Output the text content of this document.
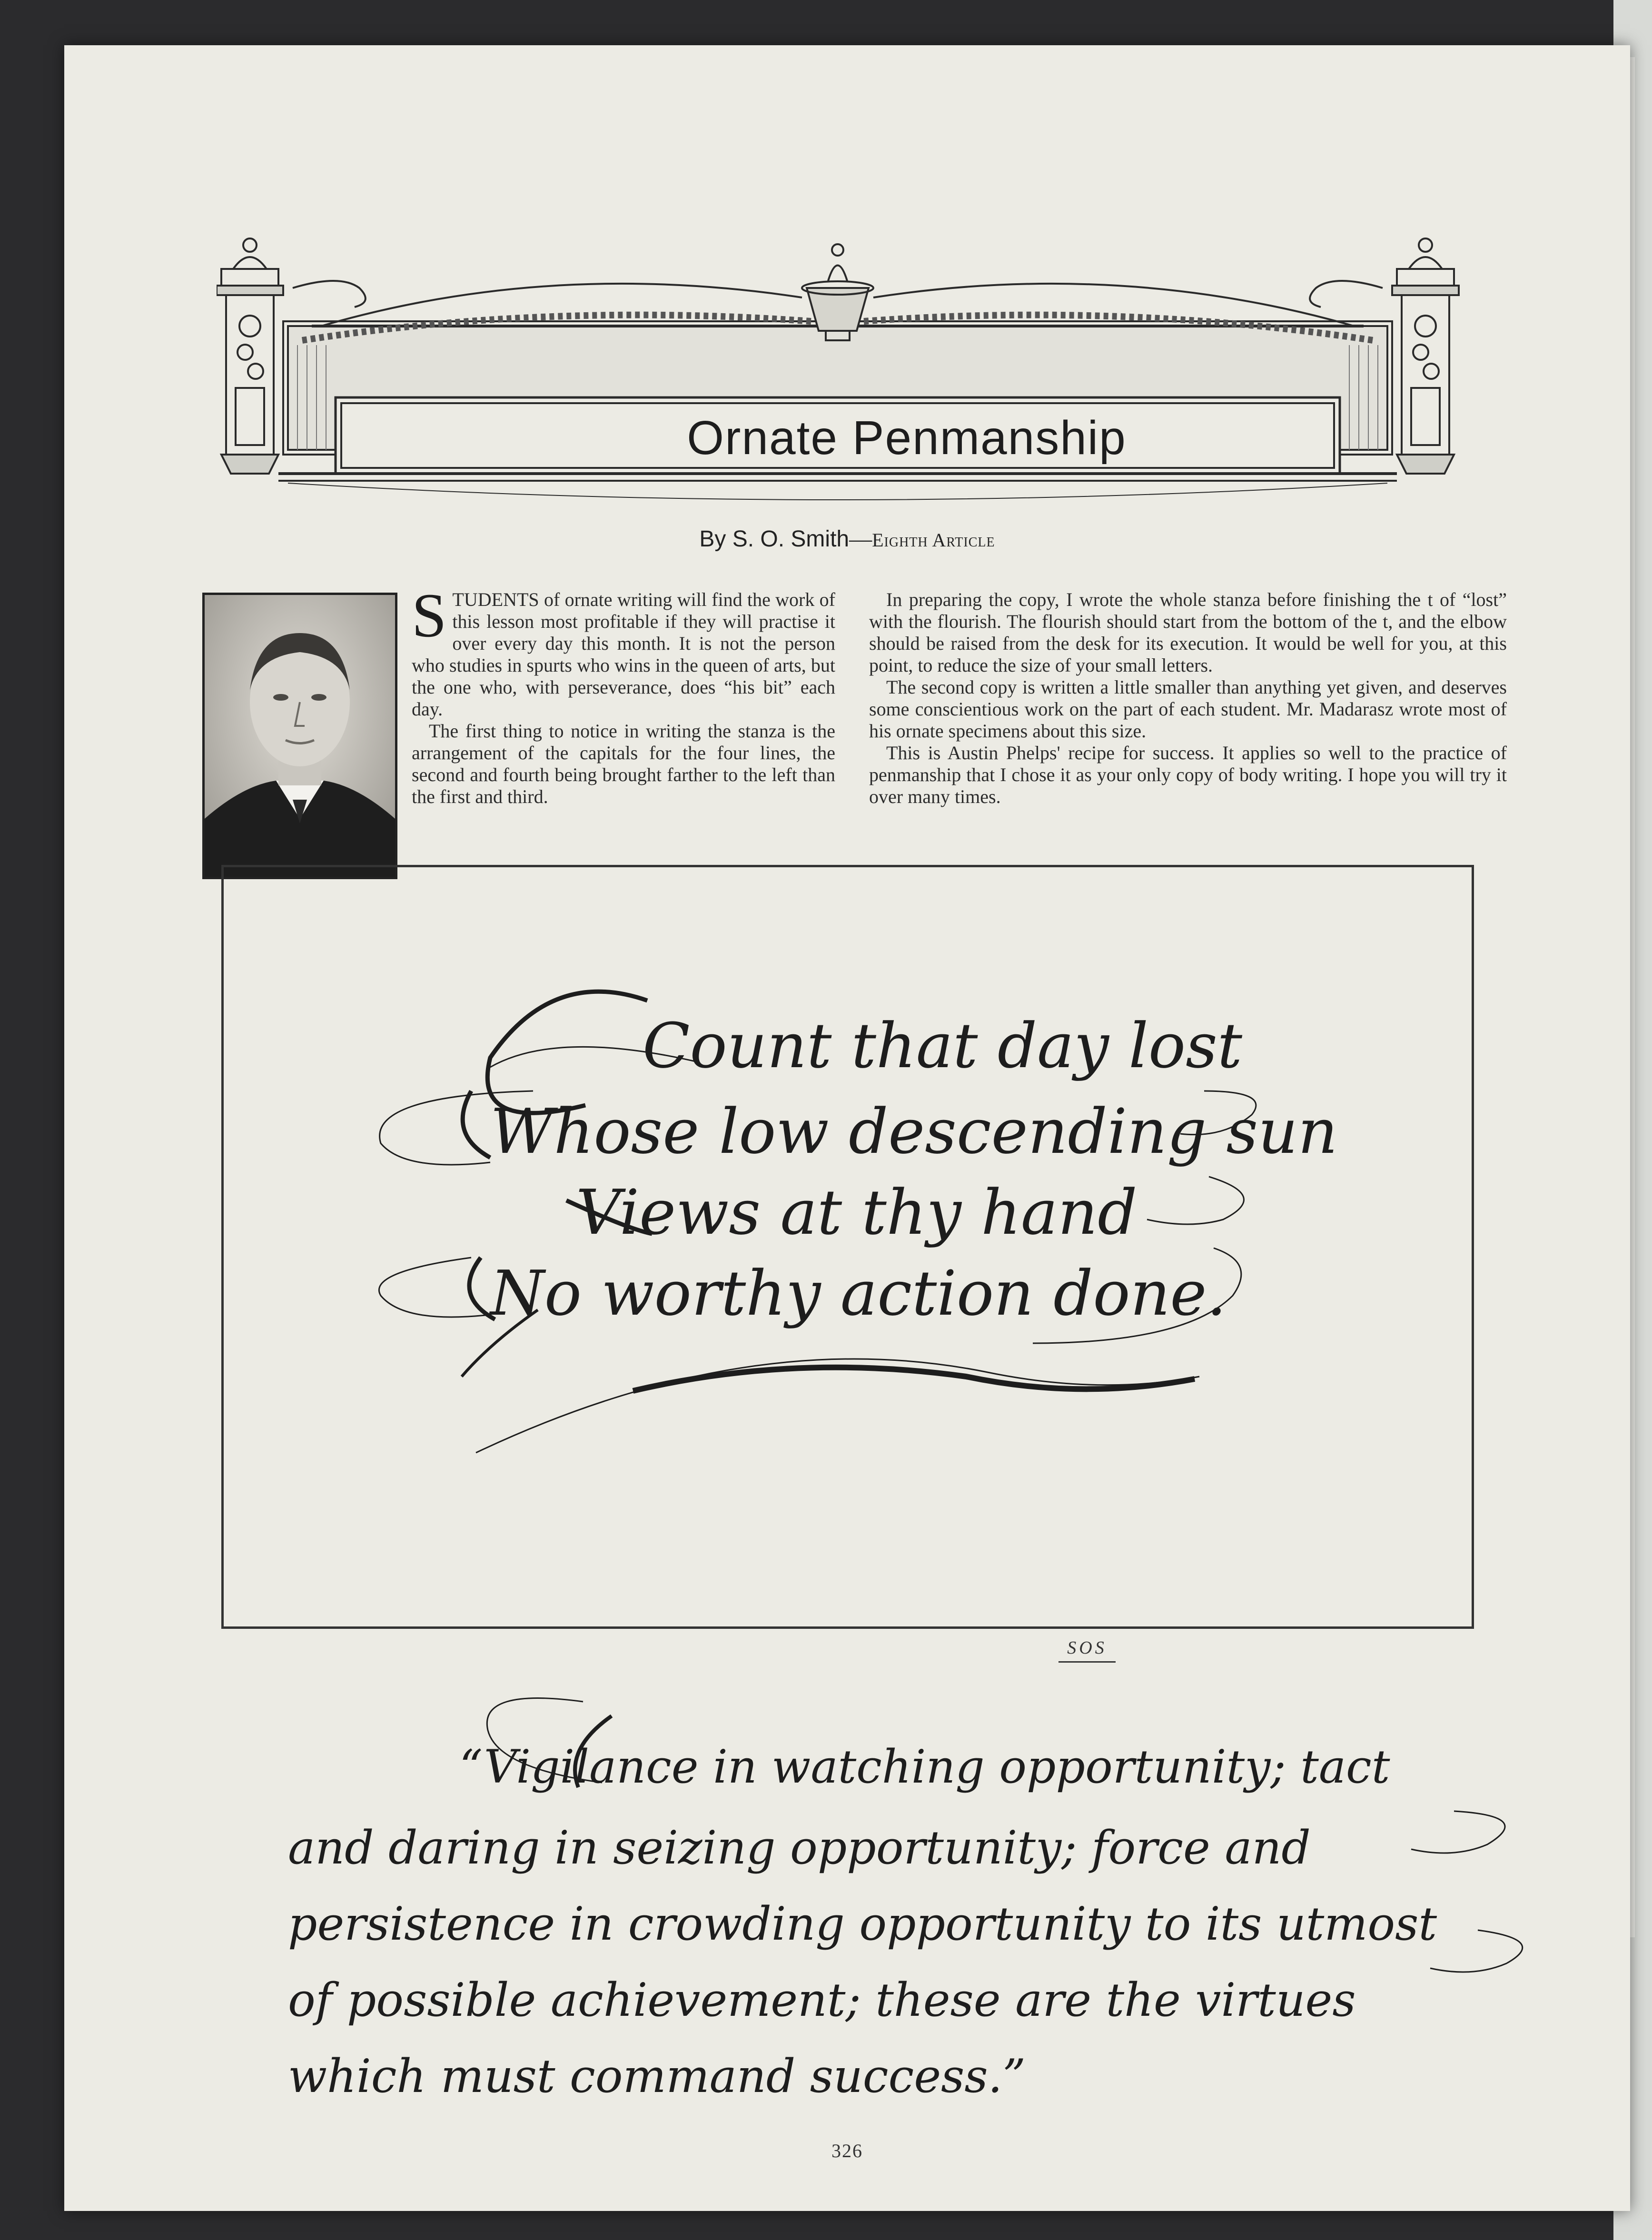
Ornate Penmanship
By S. O. Smith—Eighth Article

STUDENTS of ornate writing will find the work of this lesson most profitable if they will practise it over every day this month. It is not the person who studies in spurts who wins in the queen of arts, but the one who, with perseverance, does “his bit” each day.

The first thing to notice in writing the stanza is the arrangement of the capitals for the four lines, the second and fourth being brought farther to the left than the first and third.

In preparing the copy, I wrote the whole stanza before finishing the t of “lost” with the flourish. The flourish should start from the bottom of the t, and the elbow should be raised from the desk for its execution. It would be well for you, at this point, to reduce the size of your small letters.

The second copy is written a little smaller than anything yet given, and deserves some conscientious work on the part of each student. Mr. Madarasz wrote most of his ornate specimens about this size.

This is Austin Phelps' recipe for success. It applies so well to the practice of penmanship that I chose it as your only copy of body writing. I hope you will try it over many times.

Count that day lost
Whose low descending sun
Views at thy hand
No worthy action done.
SOS
“Vigilance in watching opportunity; tact
and daring in seizing opportunity; force and
persistence in crowding opportunity to its utmost
of possible achievement; these are the virtues
which must command success.”
326
